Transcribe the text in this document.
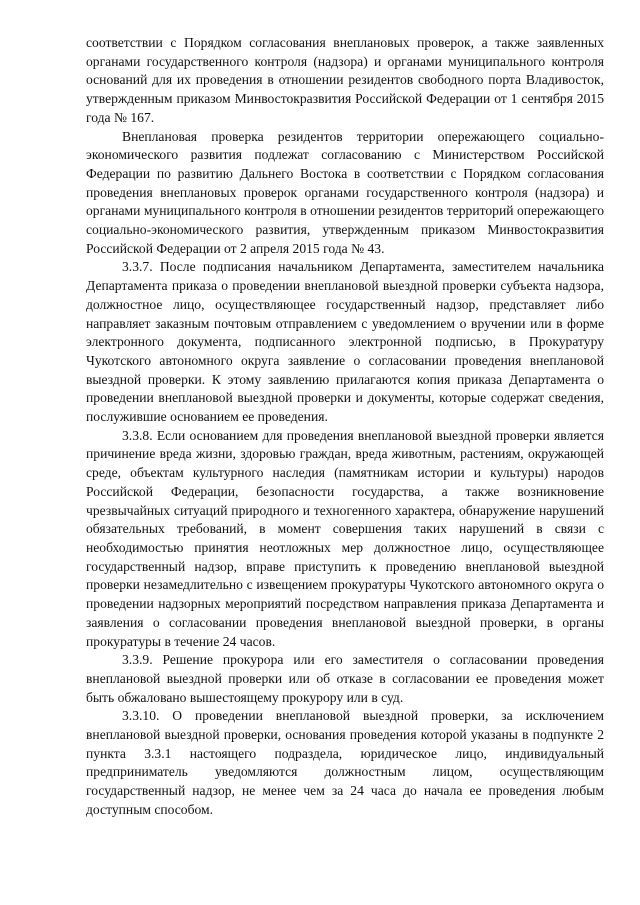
соответствии с Порядком согласования внеплановых проверок, а также заявленных органами государственного контроля (надзора) и органами муниципального контроля оснований для их проведения в отношении резидентов свободного порта Владивосток, утвержденным приказом Минвостокразвития Российской Федерации от 1 сентября 2015 года № 167.

Внеплановая проверка резидентов территории опережающего социально-экономического развития подлежат согласованию с Министерством Российской Федерации по развитию Дальнего Востока в соответствии с Порядком согласования проведения внеплановых проверок органами государственного контроля (надзора) и органами муниципального контроля в отношении резидентов территорий опережающего социально-экономического развития, утвержденным приказом Минвостокразвития Российской Федерации от 2 апреля 2015 года № 43.

3.3.7. После подписания начальником Департамента, заместителем начальника Департамента приказа о проведении внеплановой выездной проверки субъекта надзора, должностное лицо, осуществляющее государственный надзор, представляет либо направляет заказным почтовым отправлением с уведомлением о вручении или в форме электронного документа, подписанного электронной подписью, в Прокуратуру Чукотского автономного округа заявление о согласовании проведения внеплановой выездной проверки. К этому заявлению прилагаются копия приказа Департамента о проведении внеплановой выездной проверки и документы, которые содержат сведения, послужившие основанием ее проведения.

3.3.8. Если основанием для проведения внеплановой выездной проверки является причинение вреда жизни, здоровью граждан, вреда животным, растениям, окружающей среде, объектам культурного наследия (памятникам истории и культуры) народов Российской Федерации, безопасности государства, а также возникновение чрезвычайных ситуаций природного и техногенного характера, обнаружение нарушений обязательных требований, в момент совершения таких нарушений в связи с необходимостью принятия неотложных мер должностное лицо, осуществляющее государственный надзор, вправе приступить к проведению внеплановой выездной проверки незамедлительно с извещением прокуратуры Чукотского автономного округа о проведении надзорных мероприятий посредством направления приказа Департамента и заявления о согласовании проведения внеплановой выездной проверки, в органы прокуратуры в течение 24 часов.

3.3.9. Решение прокурора или его заместителя о согласовании проведения внеплановой выездной проверки или об отказе в согласовании ее проведения может быть обжаловано вышестоящему прокурору или в суд.

3.3.10. О проведении внеплановой выездной проверки, за исключением внеплановой выездной проверки, основания проведения которой указаны в подпункте 2 пункта 3.3.1 настоящего подраздела, юридическое лицо, индивидуальный предприниматель уведомляются должностным лицом, осуществляющим государственный надзор, не менее чем за 24 часа до начала ее проведения любым доступным способом.
